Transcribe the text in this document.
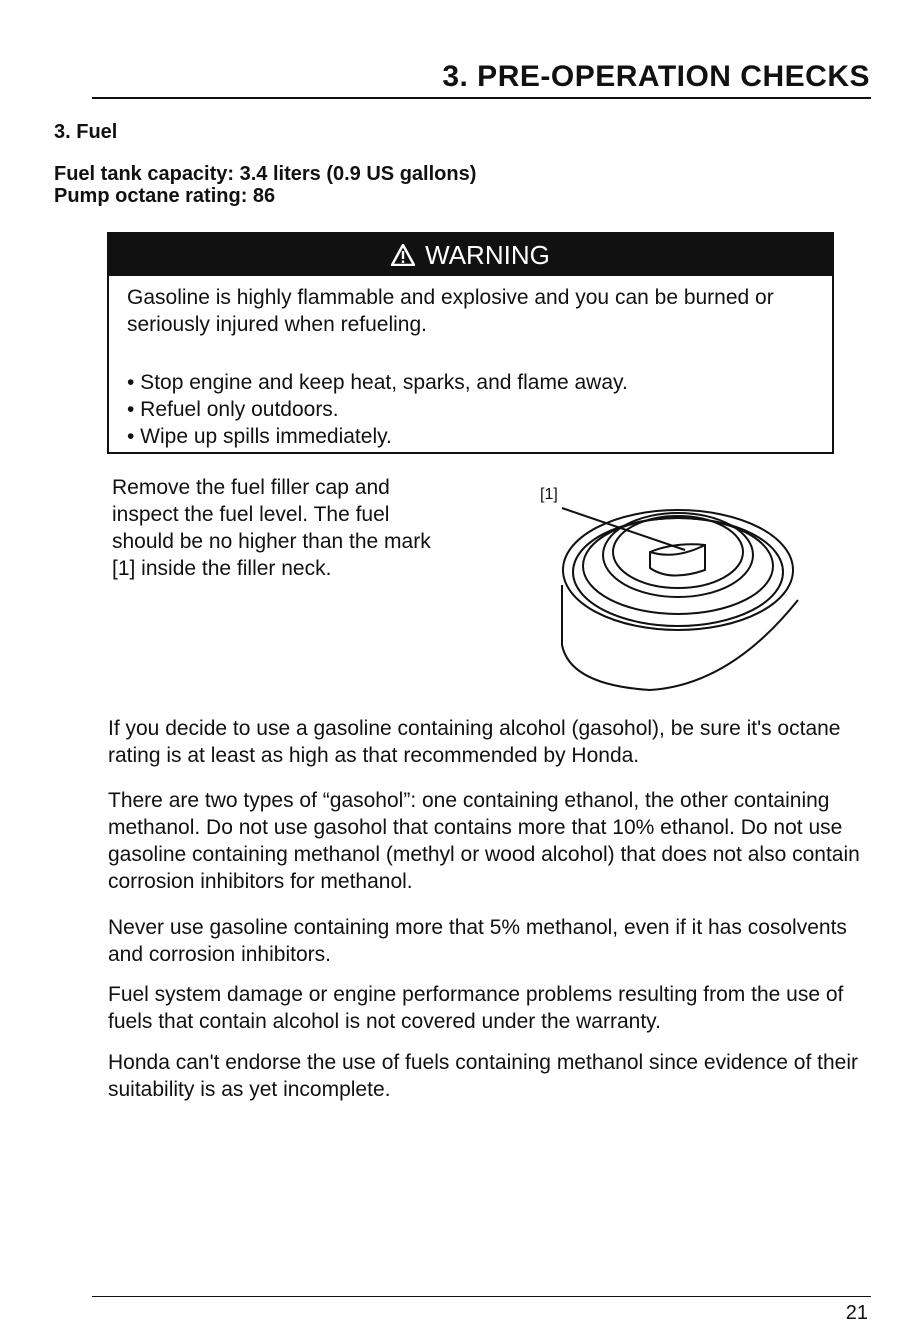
3. PRE-OPERATION CHECKS
3. Fuel
Fuel tank capacity: 3.4 liters (0.9 US gallons)
Pump octane rating: 86
WARNING
Gasoline is highly flammable and explosive and you can be burned or seriously injured when refueling.
• Stop engine and keep heat, sparks, and flame away.
• Refuel only outdoors.
• Wipe up spills immediately.
Remove the fuel filler cap and inspect the fuel level. The fuel should be no higher than the mark [1] inside the filler neck.
[1]
If you decide to use a gasoline containing alcohol (gasohol), be sure it's octane rating is at least as high as that recommended by Honda.
There are two types of “gasohol”: one containing ethanol, the other containing methanol. Do not use gasohol that contains more that 10% ethanol. Do not use gasoline containing methanol (methyl or wood alcohol) that does not also contain corrosion inhibitors for methanol.
Never use gasoline containing more that 5% methanol, even if it has cosolvents and corrosion inhibitors.
Fuel system damage or engine performance problems resulting from the use of fuels that contain alcohol is not covered under the warranty.
Honda can't endorse the use of fuels containing methanol since evidence of their suitability is as yet incomplete.
21
